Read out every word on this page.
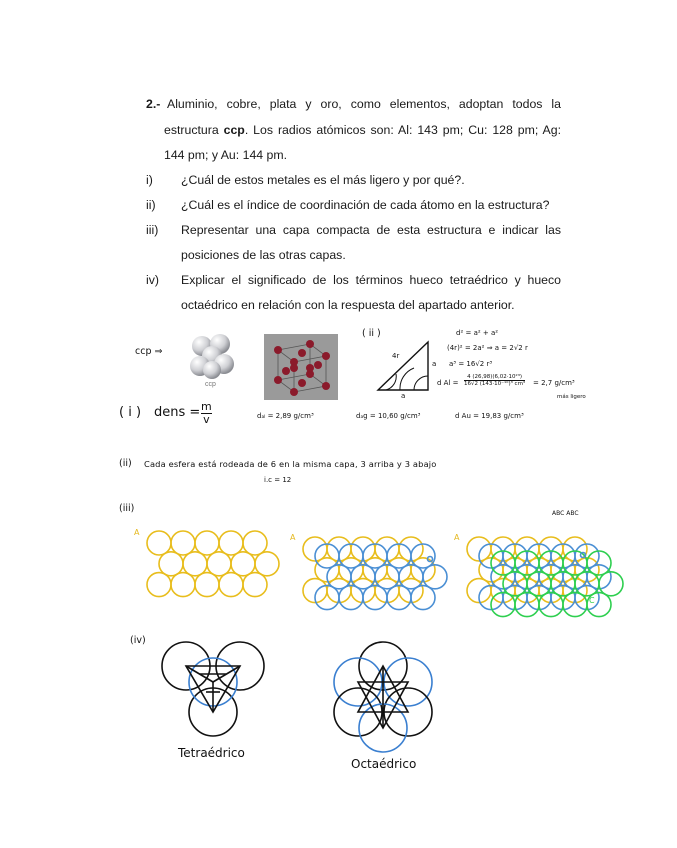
2.- Aluminio, cobre, plata y oro, como elementos, adoptan todos la
estructura ccp. Los radios atómicos son: Al: 143 pm; Cu: 128 pm; Ag:
144 pm; y Au: 144 pm.
i) ¿Cuál de estos metales es el más ligero y por qué?.
ii) ¿Cuál es el índice de coordinación de cada átomo en la estructura?
iii) Representar una capa compacta de esta estructura e indicar las
posiciones de las otras capas.
iv) Explicar el significado de los términos hueco tetraédrico y hueco
octaédrico en relación con la respuesta del apartado anterior.
ccp ⇒
ccp
( ii )
4r
a
a
d² = a² + a²
(4r)² = 2a² ⇒ a = 2√2 r
a³ = 16√2 r³
d $Al = \frac{\text{4 (26,98)(6,02·10²³)}}{\text{16√2 (143·10⁻¹⁰)³ cm³}} = 2,7$ g/cm³
más ligero
( i ) dens = m
v	dₐₗ = 2,89 g/cm³	dₐg = 10,60 g/cm³	d Au = 19,83 g/cm³
(ii) Cada esfera está rodeada de 6 en la misma capa, 3 arriba y 3 abajo
i.c = 12
(iii)	ABC ABC
A
A	A
C
(iv)
Tetraédrico
Octaédrico
